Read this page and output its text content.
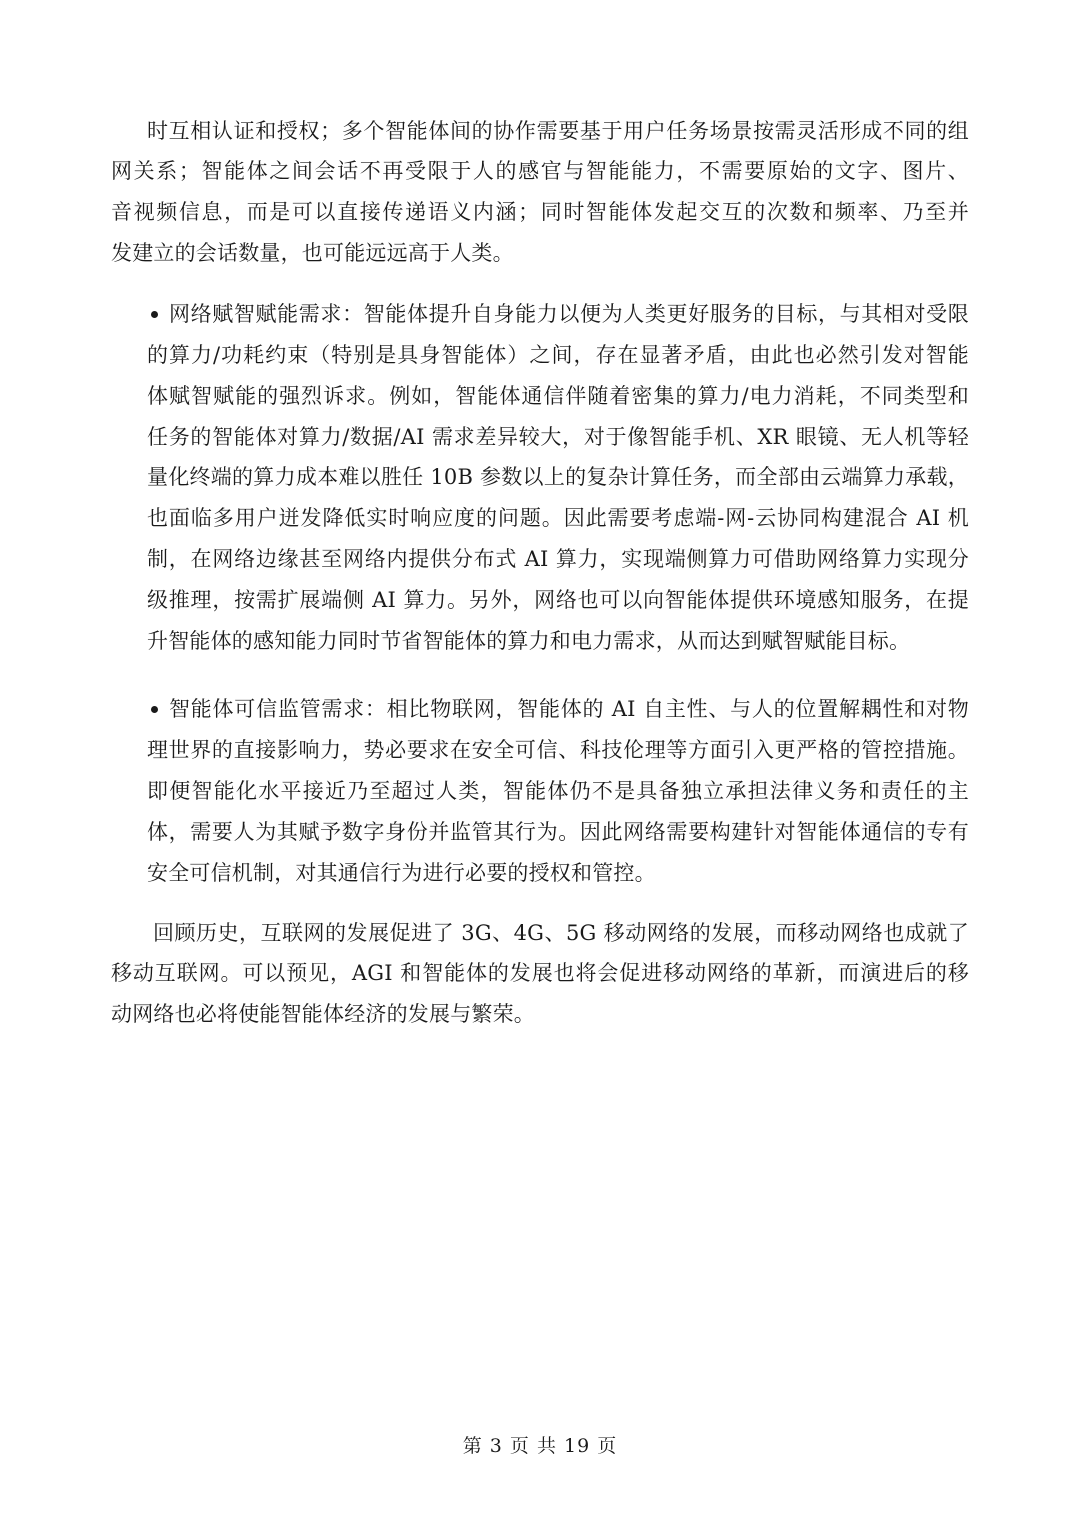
时互相认证和授权；多个智能体间的协作需要基于用户任务场景按需灵活形成不同的组
网关系；智能体之间会话不再受限于人的感官与智能能力，不需要原始的文字、图片、
音视频信息，而是可以直接传递语义内涵；同时智能体发起交互的次数和频率、乃至并
发建立的会话数量，也可能远远高于人类。
网络赋智赋能需求：智能体提升自身能力以便为人类更好服务的目标，与其相对受限
的算力/功耗约束（特别是具身智能体）之间，存在显著矛盾，由此也必然引发对智能
体赋智赋能的强烈诉求。例如，智能体通信伴随着密集的算力/电力消耗，不同类型和
任务的智能体对算力/数据/AI 需求差异较大，对于像智能手机、XR 眼镜、无人机等轻
量化终端的算力成本难以胜任 10B 参数以上的复杂计算任务，而全部由云端算力承载，
也面临多用户迸发降低实时响应度的问题。因此需要考虑端-网-云协同构建混合 AI 机
制，在网络边缘甚至网络内提供分布式 AI 算力，实现端侧算力可借助网络算力实现分
级推理，按需扩展端侧 AI 算力。另外，网络也可以向智能体提供环境感知服务，在提
升智能体的感知能力同时节省智能体的算力和电力需求，从而达到赋智赋能目标。
智能体可信监管需求：相比物联网，智能体的 AI 自主性、与人的位置解耦性和对物
理世界的直接影响力，势必要求在安全可信、科技伦理等方面引入更严格的管控措施。
即便智能化水平接近乃至超过人类，智能体仍不是具备独立承担法律义务和责任的主
体，需要人为其赋予数字身份并监管其行为。因此网络需要构建针对智能体通信的专有
安全可信机制，对其通信行为进行必要的授权和管控。
回顾历史，互联网的发展促进了 3G、4G、5G 移动网络的发展，而移动网络也成就了
移动互联网。可以预见，AGI 和智能体的发展也将会促进移动网络的革新，而演进后的移
动网络也必将使能智能体经济的发展与繁荣。
第 3 页 共 19 页
